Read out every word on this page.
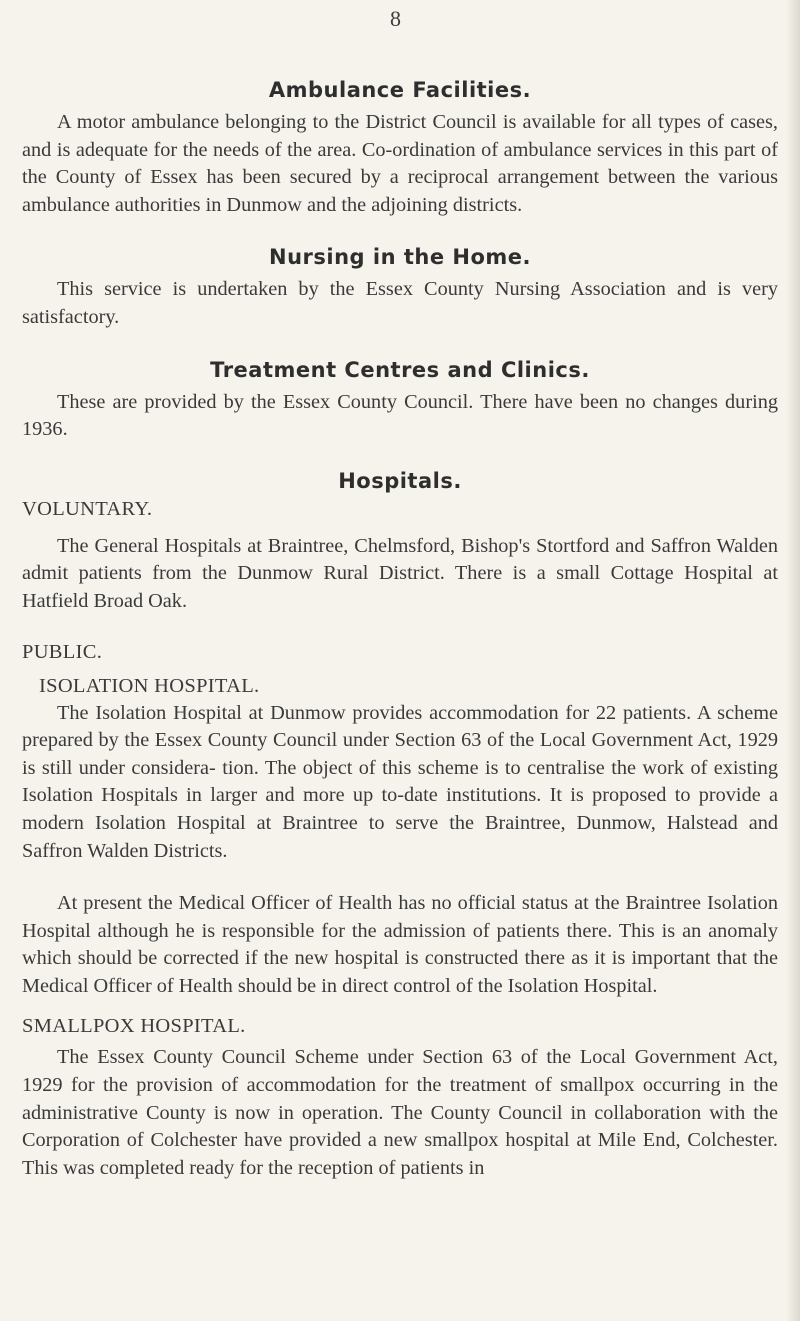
8
Ambulance Facilities.

A motor ambulance belonging to the District Council is available for all types of cases, and is adequate for the needs of the area. Co-ordination of ambulance services in this part of the County of Essex has been secured by a reciprocal arrangement between the various ambulance authorities in Dunmow and the adjoining districts.

Nursing in the Home.

This service is undertaken by the Essex County Nursing Association and is very satisfactory.

Treatment Centres and Clinics.

These are provided by the Essex County Council. There have been no changes during 1936.

Hospitals.

VOLUNTARY.

The General Hospitals at Braintree, Chelmsford, Bishop's Stortford and Saffron Walden admit patients from the Dunmow Rural District. There is a small Cottage Hospital at Hatfield Broad Oak.

PUBLIC.

ISOLATION HOSPITAL.

The Isolation Hospital at Dunmow provides accommodation for 22 patients. A scheme prepared by the Essex County Council under Section 63 of the Local Government Act, 1929 is still under considera- tion. The object of this scheme is to centralise the work of existing Isolation Hospitals in larger and more up to-date institutions. It is proposed to provide a modern Isolation Hospital at Braintree to serve the Braintree, Dunmow, Halstead and Saffron Walden Districts.

At present the Medical Officer of Health has no official status at the Braintree Isolation Hospital although he is responsible for the admission of patients there. This is an anomaly which should be corrected if the new hospital is constructed there as it is important that the Medical Officer of Health should be in direct control of the Isolation Hospital.

SMALLPOX HOSPITAL.

The Essex County Council Scheme under Section 63 of the Local Government Act, 1929 for the provision of accommodation for the treatment of smallpox occurring in the administrative County is now in operation. The County Council in collaboration with the Corporation of Colchester have provided a new smallpox hospital at Mile End, Colchester. This was completed ready for the reception of patients in
